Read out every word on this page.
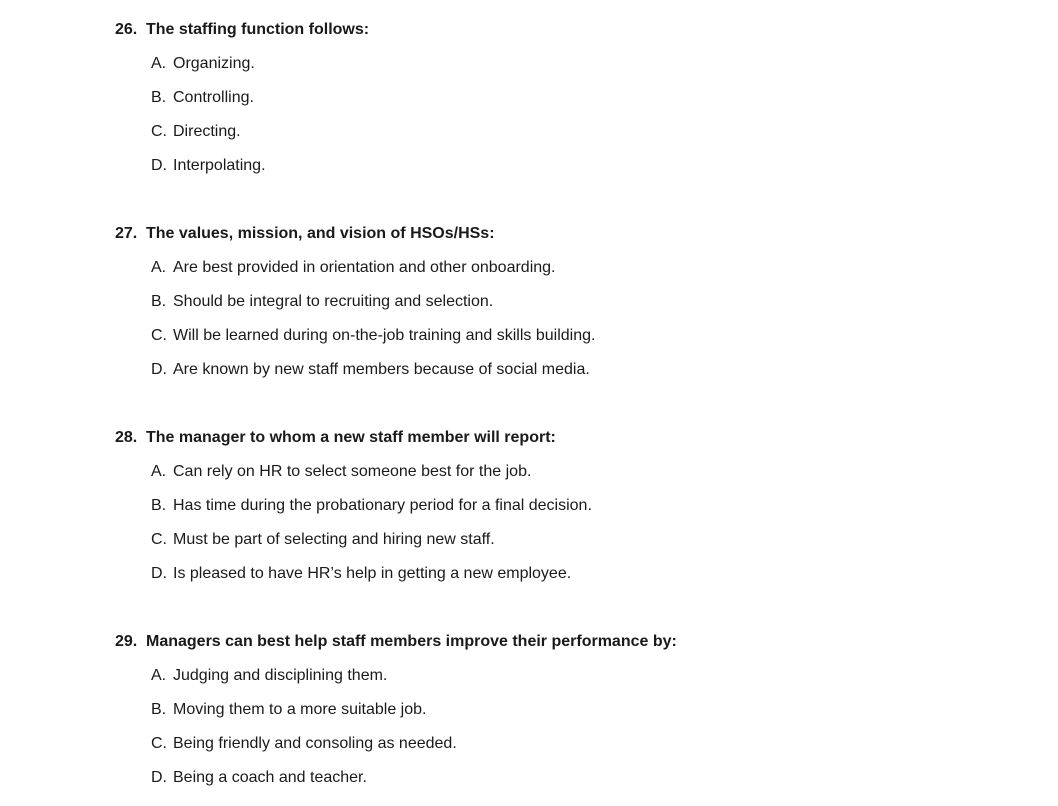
26. The staffing function follows:
A. Organizing.
B. Controlling.
C. Directing.
D. Interpolating.
27. The values, mission, and vision of HSOs/HSs:
A. Are best provided in orientation and other onboarding.
B. Should be integral to recruiting and selection.
C. Will be learned during on-the-job training and skills building.
D. Are known by new staff members because of social media.
28. The manager to whom a new staff member will report:
A. Can rely on HR to select someone best for the job.
B. Has time during the probationary period for a final decision.
C. Must be part of selecting and hiring new staff.
D. Is pleased to have HR’s help in getting a new employee.
29. Managers can best help staff members improve their performance by:
A. Judging and disciplining them.
B. Moving them to a more suitable job.
C. Being friendly and consoling as needed.
D. Being a coach and teacher.
